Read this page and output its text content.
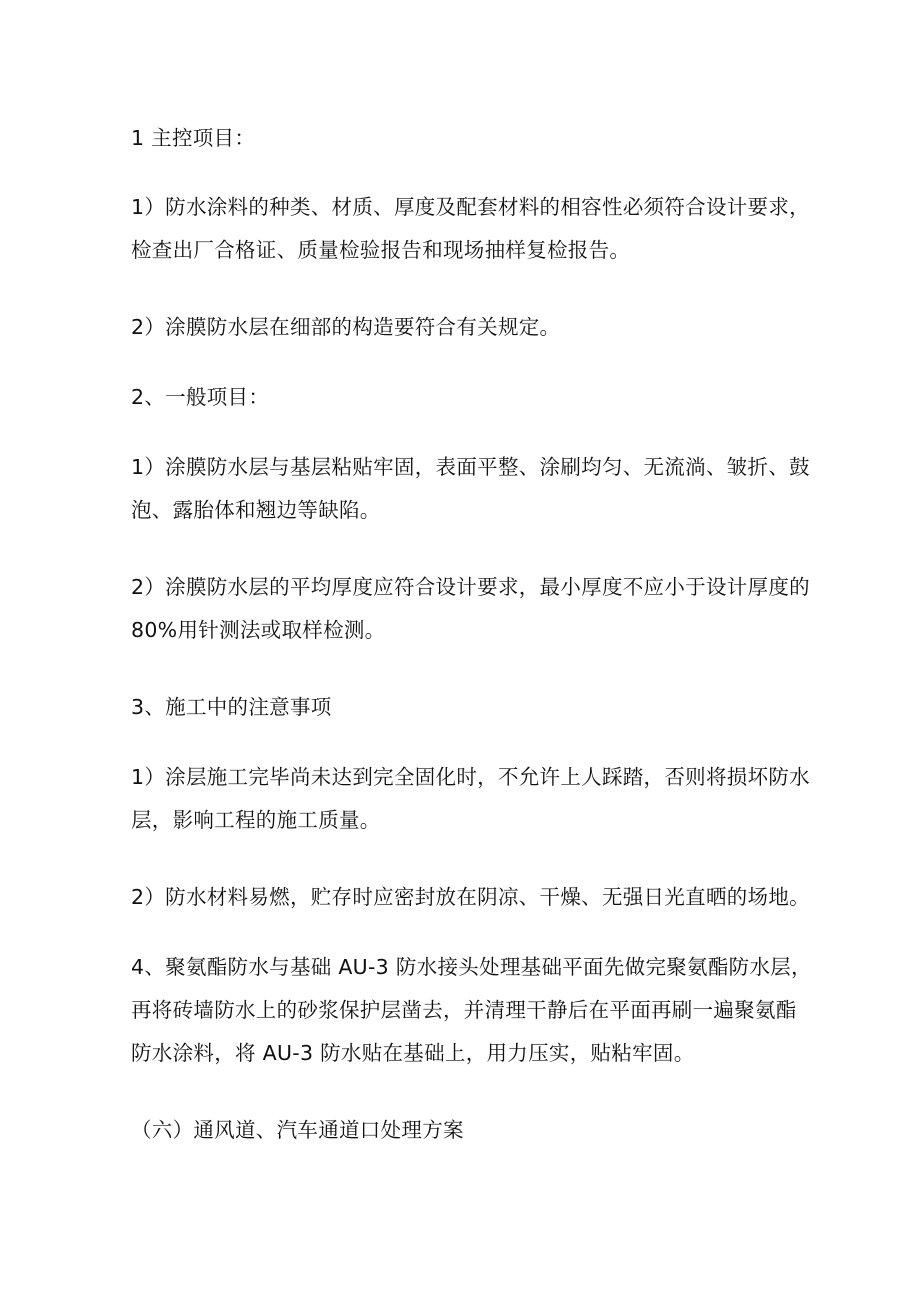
1 主控项目：

1）防水涂料的种类、材质、厚度及配套材料的相容性必须符合设计要求，
检查出厂合格证、质量检验报告和现场抽样复检报告。

2）涂膜防水层在细部的构造要符合有关规定。

2、一般项目：

1）涂膜防水层与基层粘贴牢固，表面平整、涂刷均匀、无流淌、皱折、鼓
泡、露胎体和翘边等缺陷。

2）涂膜防水层的平均厚度应符合设计要求，最小厚度不应小于设计厚度的
80%用针测法或取样检测。

3、施工中的注意事项

1）涂层施工完毕尚未达到完全固化时，不允许上人踩踏，否则将损坏防水
层，影响工程的施工质量。

2）防水材料易燃，贮存时应密封放在阴凉、干燥、无强日光直晒的场地。

4、聚氨酯防水与基础 AU-3 防水接头处理基础平面先做完聚氨酯防水层，
再将砖墙防水上的砂浆保护层凿去，并清理干静后在平面再刷一遍聚氨酯
防水涂料，将 AU-3 防水贴在基础上，用力压实，贴粘牢固。

（六）通风道、汽车通道口处理方案
